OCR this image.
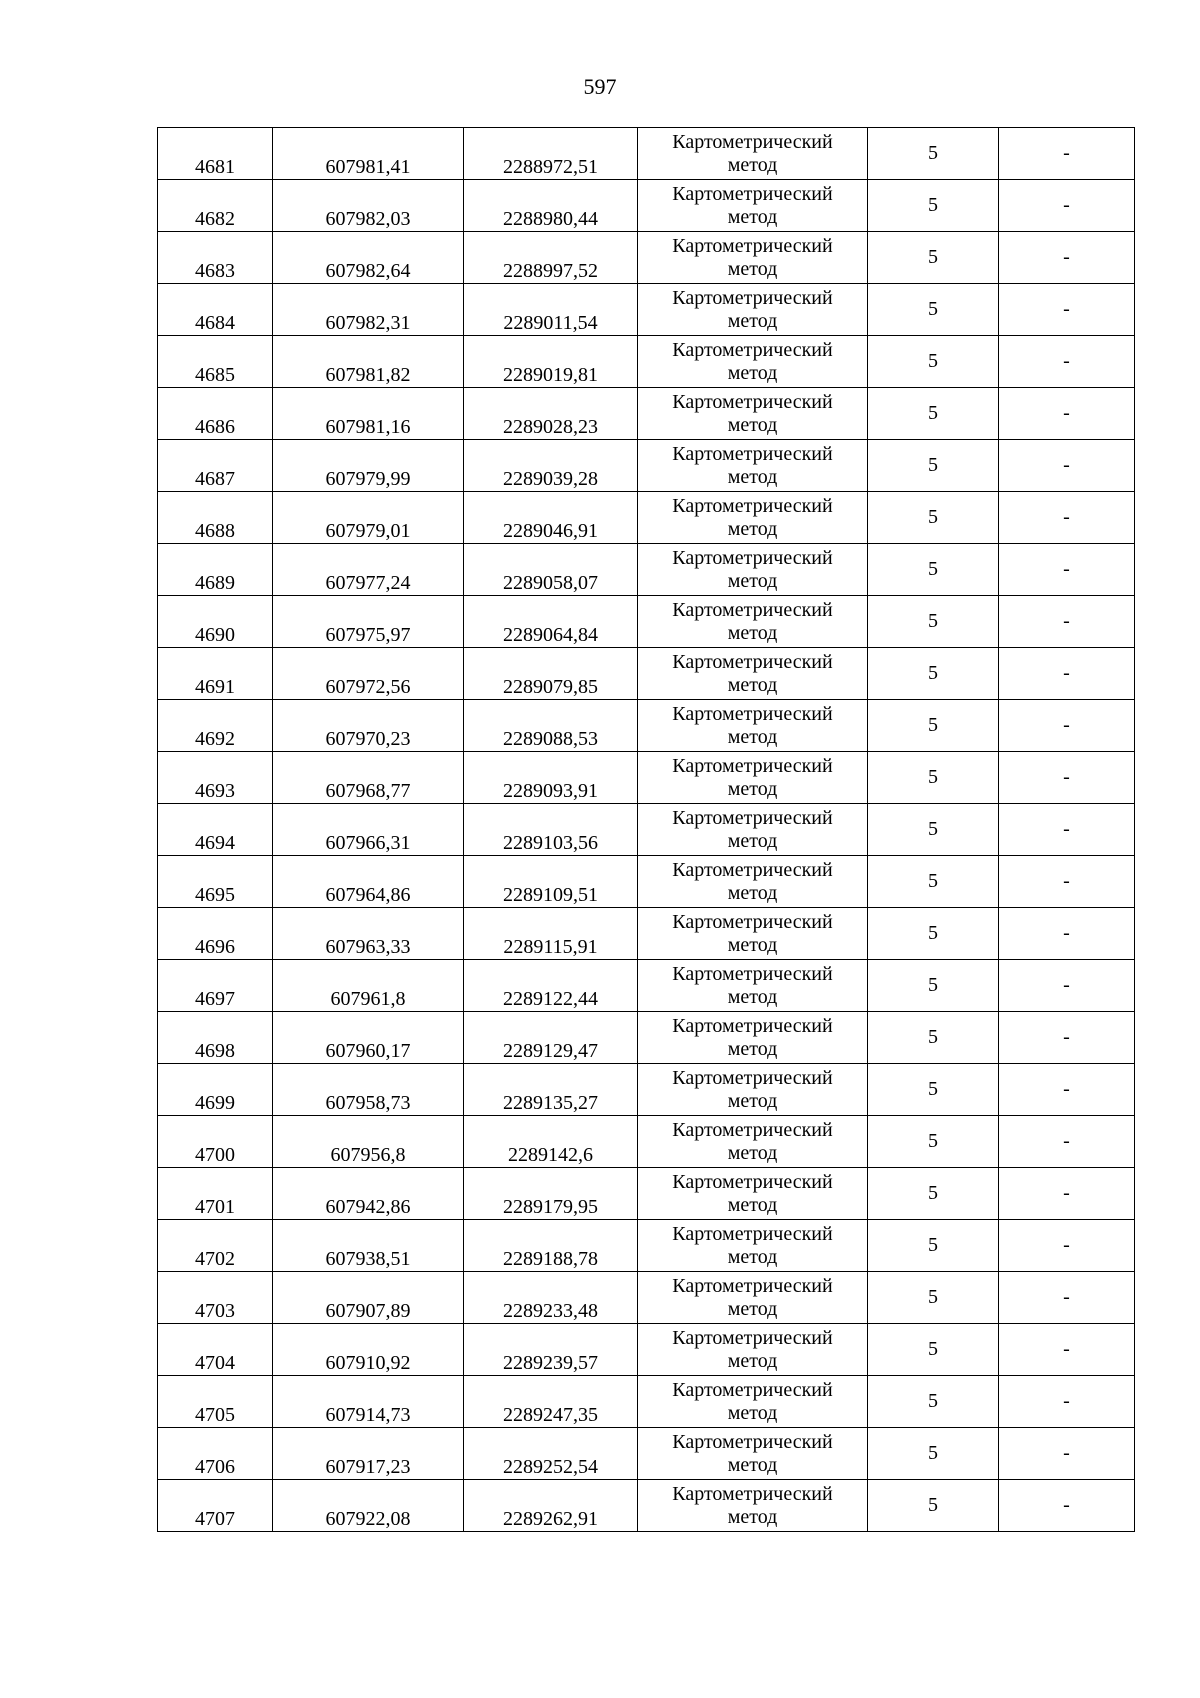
597
4681	607981,41	2288972,51	Картометрический метод	5	-
4682	607982,03	2288980,44	Картометрический метод	5	-
4683	607982,64	2288997,52	Картометрический метод	5	-
4684	607982,31	2289011,54	Картометрический метод	5	-
4685	607981,82	2289019,81	Картометрический метод	5	-
4686	607981,16	2289028,23	Картометрический метод	5	-
4687	607979,99	2289039,28	Картометрический метод	5	-
4688	607979,01	2289046,91	Картометрический метод	5	-
4689	607977,24	2289058,07	Картометрический метод	5	-
4690	607975,97	2289064,84	Картометрический метод	5	-
4691	607972,56	2289079,85	Картометрический метод	5	-
4692	607970,23	2289088,53	Картометрический метод	5	-
4693	607968,77	2289093,91	Картометрический метод	5	-
4694	607966,31	2289103,56	Картометрический метод	5	-
4695	607964,86	2289109,51	Картометрический метод	5	-
4696	607963,33	2289115,91	Картометрический метод	5	-
4697	607961,8	2289122,44	Картометрический метод	5	-
4698	607960,17	2289129,47	Картометрический метод	5	-
4699	607958,73	2289135,27	Картометрический метод	5	-
4700	607956,8	2289142,6	Картометрический метод	5	-
4701	607942,86	2289179,95	Картометрический метод	5	-
4702	607938,51	2289188,78	Картометрический метод	5	-
4703	607907,89	2289233,48	Картометрический метод	5	-
4704	607910,92	2289239,57	Картометрический метод	5	-
4705	607914,73	2289247,35	Картометрический метод	5	-
4706	607917,23	2289252,54	Картометрический метод	5	-
4707	607922,08	2289262,91	Картометрический метод	5	-
